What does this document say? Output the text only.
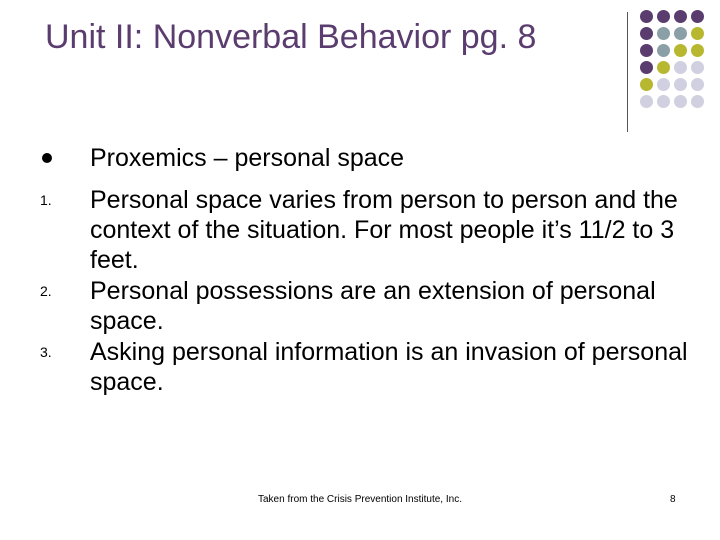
Unit II: Nonverbal Behavior pg. 8
Proxemics – personal space
1. Personal space varies from person to person and the context of the situation. For most people it’s 11/2 to 3 feet.
2. Personal possessions are an extension of personal space.
3. Asking personal information is an invasion of personal space.
Taken from the Crisis Prevention Institute, Inc.	8
